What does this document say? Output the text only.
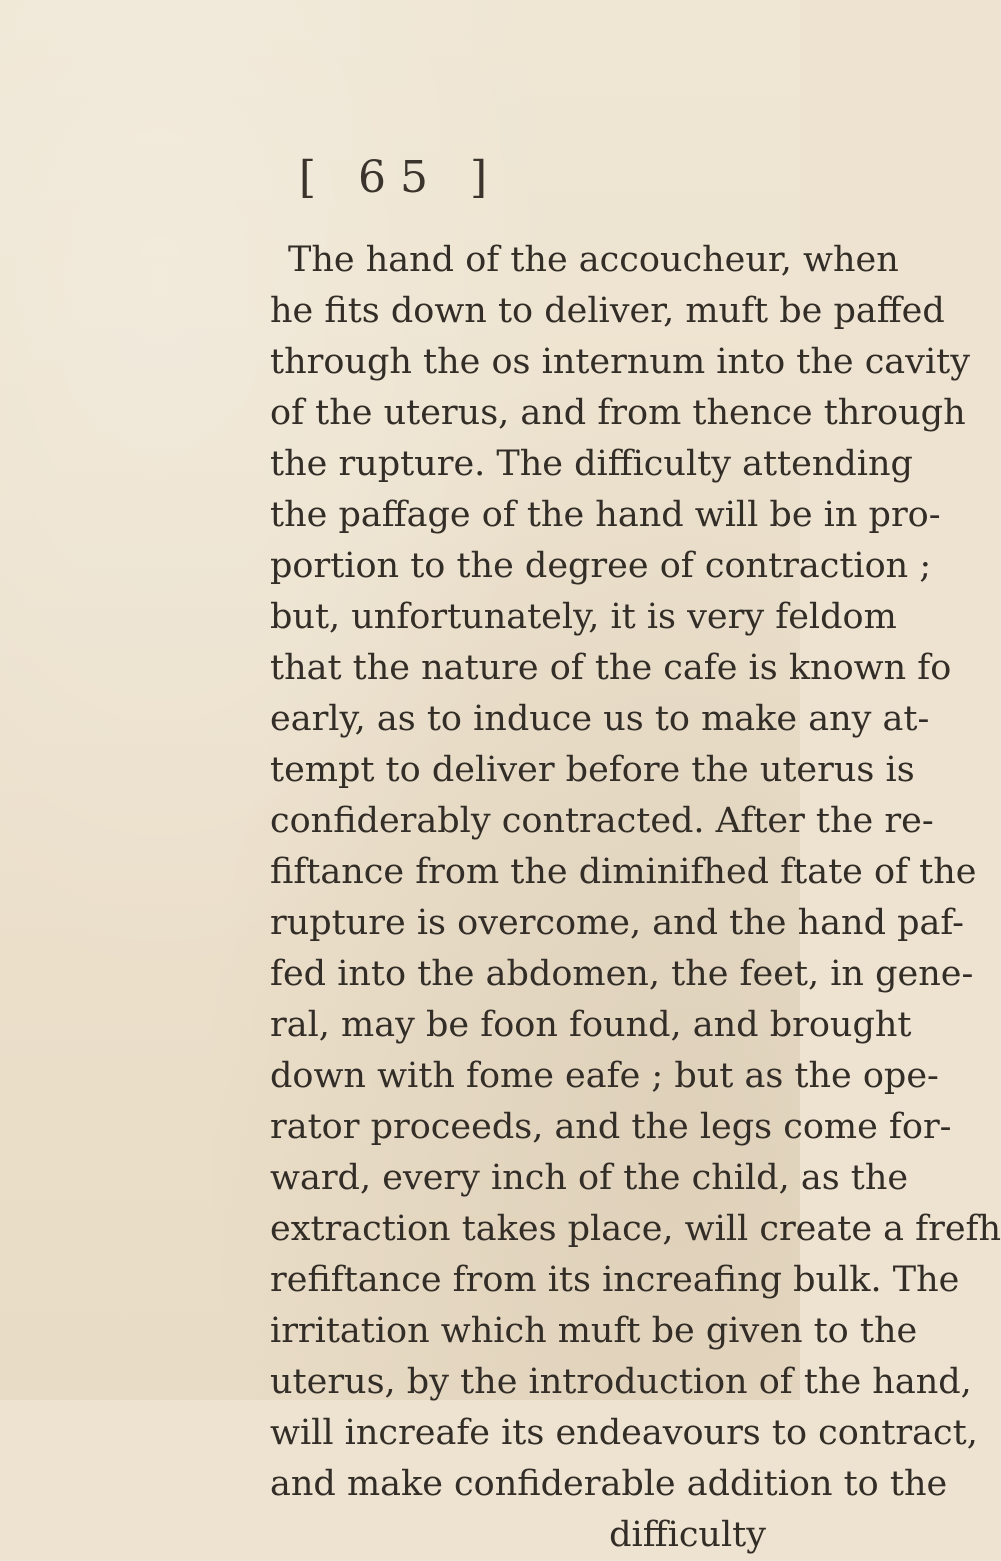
[ 65 ]
The hand of the accoucheur, when
he fits down to deliver, muft be paffed
through the os internum into the cavity
of the uterus, and from thence through
the rupture. The difficulty attending
the paffage of the hand will be in pro-
portion to the degree of contraction ;
but, unfortunately, it is very feldom
that the nature of the cafe is known fo
early, as to induce us to make any at-
tempt to deliver before the uterus is
confiderably contracted. After the re-
fiftance from the diminifhed ftate of the
rupture is overcome, and the hand paf-
fed into the abdomen, the feet, in gene-
ral, may be foon found, and brought
down with fome eafe ; but as the ope-
rator proceeds, and the legs come for-
ward, every inch of the child, as the
extraction takes place, will create a frefh
refiftance from its increafing bulk. The
irritation which muft be given to the
uterus, by the introduction of the hand,
will increafe its endeavours to contract,
and make confiderable addition to the
difficulty
